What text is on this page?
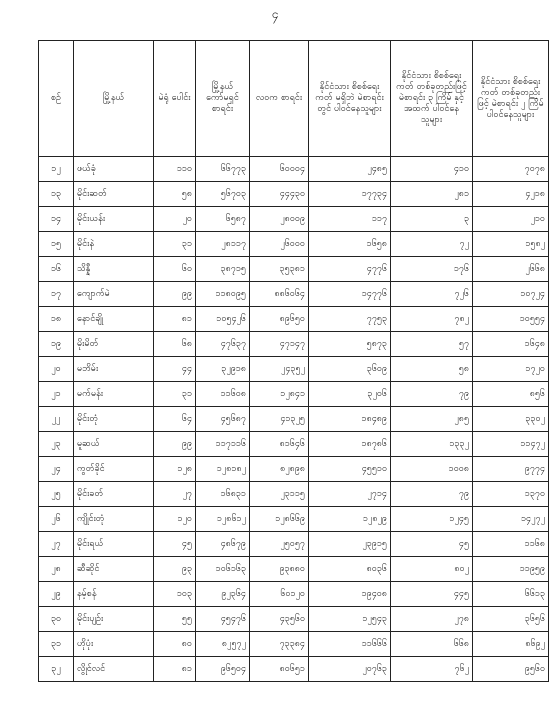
၄
စဉ်	မြို့နယ်	မဲရုံ ပေါင်း	မြို့နယ် ကော်မရှင် စာရင်း	လဝက စာရင်း	နိုင်ငံသား စိစစ်ရေးကတ် မရှိဘဲ မဲစာရင်းတွင် ပါဝင်နေသူများ	နိုင်ငံသား စိစစ်ရေးကတ် တစ်ခုတည်းဖြင့် မဲစာရင်း ၃ ကြိမ် နှင့်အထက် ပါဝင်နေသူများ	နိုင်ငံသား စိစစ်ရေးကတ် တစ်ခုတည်းဖြင့် မဲစာရင်း ၂ ကြိမ် ပါဝင်နေသူများ
၁၂	ဖယ်ခုံ	၁၁၀	၆၆၇၇၃	၆၀၀၀၄	၂၄၈၅	၄၁၀	၇၀၇၈
၁၃	မိုင်းဆတ်	၅၈	၅၆၇၀၃	၄၄၄၃၀	၁၇၇၃၄	၂၈၁	၄၂၁၈
၁၄	မိုင်းယန်း	၂၀	၆၅၈၇	၂၈၀၀၉	၁၁၇	၃	၂၁၀
၁၅	မိုင်းနဲ	၃၁	၂၈၁၁၇	၂၆၀၀၀	၁၆၅၈	၇၂	၁၅၈၂
၁၆	သိန္နီ	၆၀	၃၈၇၁၅	၃၅၃၈၁	၄၇၇၆	၁၇၆	၂၆၆၈
၁၇	ကျောက်မဲ	၉၉	၁၁၈၀၉၅	၈၈၆၀၆၄	၁၄၇၇၆	၇၂၆	၁၀၇၂၄
၁၈	နောင်ချို	၈၁	၁၀၅၄၂၆	၈၉၆၅၀	၇၇၅၃	၇၈၂	၁၀၅၅၄
၁၉	မိုးမိတ်	၆၈	၄၇၆၃၇	၄၇၁၄၇	၅၈၇၃	၅၇	၁၆၄၈
၂၀	မဘိမ်း	၄၄	၃၂၉၁၈	၂၄၃၅၂	၃၆၀၉	၅၈	၁၇၂၀
၂၁	မက်မန်း	၃၁	၁၁၆၀၈	၁၂၈၄၁	၃၂၀၆	၇၉	၈၅၆
၂၂	မိုင်းတုံ	၆၄	၄၅၆၈၇	၄၁၃၂၅	၁၈၄၈၉	၂၈၅	၃၃၀၂
၂၃	မူဆယ်	၉၉	၁၁၇၁၁၆	၈၁၆၄၆	၁၈၇၈၆	၁၃၃၂	၁၁၄၇၂
၂၄	ကွတ်ခိုင်	၁၂၈	၁၂၈၁၈၂	၈၂၈၉၈	၄၅၅၁၀	၁၀၀၈	၉၇၇၄
၂၅	မိုင်းခတ်	၂၇	၁၆၈၃၁	၂၃၁၁၅	၂၇၁၄	၇၉	၁၃၇၀
၂၆	ကျိုင်းတုံ	၁၂၀	၁၂၈၆၁၂	၁၂၈၆၆၉	၁၂၈၂၉	၁၂၄၅	၁၄၂၇၂
၂၇	မိုင်းရယ်	၄၅	၄၈၆၇၉	၂၅၀၅၇	၂၃၉၁၅	၄၅	၁၁၆၈
၂၈	ဆီဆိုင်	၉၃	၁၀၆၁၆၃	၉၃၈၈၀	၈၀၃၆	၈၀၂	၁၁၉၅၉
၂၉	နမ့်စန်	၁၀၃	၉၂၃၆၄	၆၀၁၂၀	၁၉၄၀၈	၄၄၅	၆၆၁၃
၃၀	မိုင်းပျဉ်း	၅၅	၄၅၄၇၆	၄၃၅၆၀	၁၂၅၄၃	၂၇၈	၃၆၅၆
၃၁	ဟိုပုံး	၈၀	၈၂၅၇၂	၇၃၃၈၄	၁၁၆၆၆	၆၆၈	၈၆၉၂
၃၂	လွိုင်လင်	၈၁	၉၆၅၀၄	၈၀၆၅၁	၂၀၇၆၃	၇၆၂	၉၅၆၀
